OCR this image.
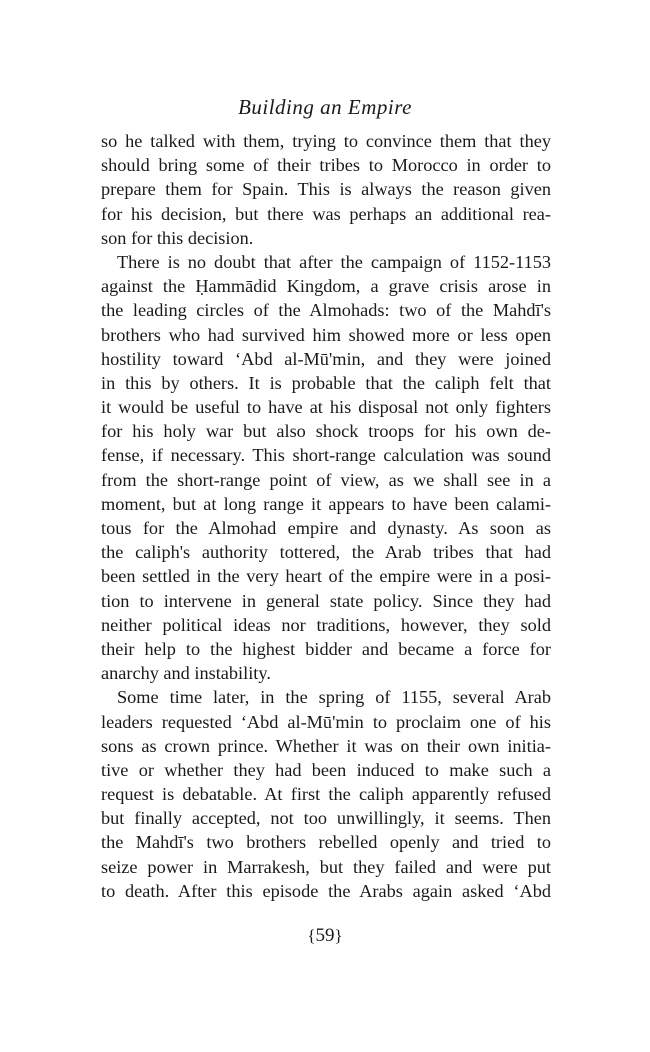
Building an Empire
so he talked with them, trying to convince them that they
should bring some of their tribes to Morocco in order to
prepare them for Spain. This is always the reason given
for his decision, but there was perhaps an additional rea-
son for this decision.
There is no doubt that after the campaign of 1152-1153
against the Ḥammādid Kingdom, a grave crisis arose in
the leading circles of the Almohads: two of the Mahdī's
brothers who had survived him showed more or less open
hostility toward ‘Abd al-Mū'min, and they were joined
in this by others. It is probable that the caliph felt that
it would be useful to have at his disposal not only fighters
for his holy war but also shock troops for his own de-
fense, if necessary. This short-range calculation was sound
from the short-range point of view, as we shall see in a
moment, but at long range it appears to have been calami-
tous for the Almohad empire and dynasty. As soon as
the caliph's authority tottered, the Arab tribes that had
been settled in the very heart of the empire were in a posi-
tion to intervene in general state policy. Since they had
neither political ideas nor traditions, however, they sold
their help to the highest bidder and became a force for
anarchy and instability.
Some time later, in the spring of 1155, several Arab
leaders requested ‘Abd al-Mū'min to proclaim one of his
sons as crown prince. Whether it was on their own initia-
tive or whether they had been induced to make such a
request is debatable. At first the caliph apparently refused
but finally accepted, not too unwillingly, it seems. Then
the Mahdī's two brothers rebelled openly and tried to
seize power in Marrakesh, but they failed and were put
to death. After this episode the Arabs again asked ‘Abd
{59}
